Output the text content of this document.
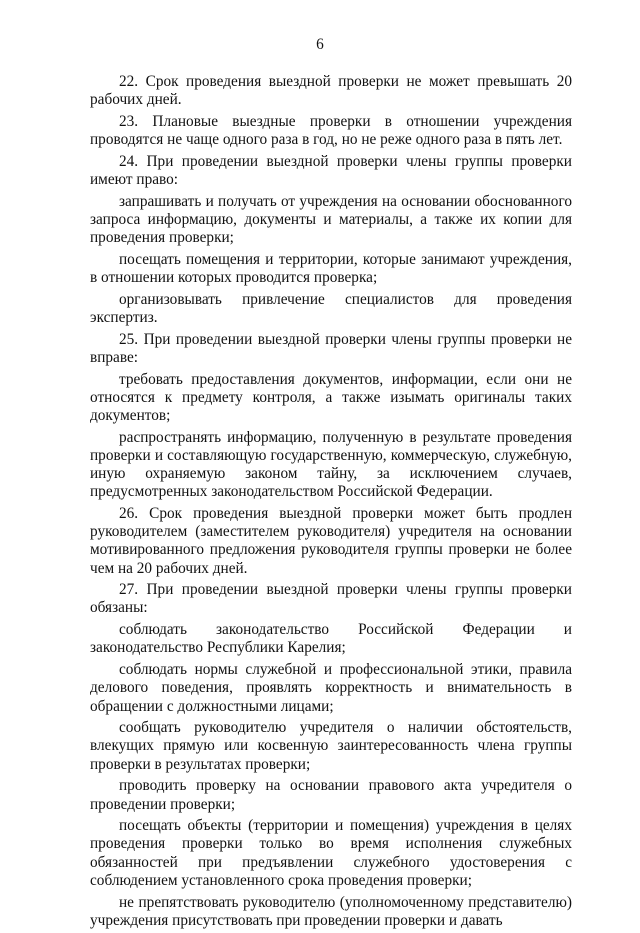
6

22. Срок проведения выездной проверки не может превышать 20 рабочих дней.

23. Плановые выездные проверки в отношении учреждения проводятся не чаще одного раза в год, но не реже одного раза в пять лет.

24. При проведении выездной проверки члены группы проверки имеют право:

запрашивать и получать от учреждения на основании обоснованного запроса информацию, документы и материалы, а также их копии для проведения проверки;

посещать помещения и территории, которые занимают учреждения, в отношении которых проводится проверка;

организовывать привлечение специалистов для проведения экспертиз.

25. При проведении выездной проверки члены группы проверки не вправе:

требовать предоставления документов, информации, если они не относятся к предмету контроля, а также изымать оригиналы таких документов;

распространять информацию, полученную в результате проведения проверки и составляющую государственную, коммерческую, служебную, иную охраняемую законом тайну, за исключением случаев, предусмотренных законодательством Российской Федерации.

26. Срок проведения выездной проверки может быть продлен руководителем (заместителем руководителя) учредителя на основании мотивированного предложения руководителя группы проверки не более чем на 20 рабочих дней.

27. При проведении выездной проверки члены группы проверки обязаны:

соблюдать законодательство Российской Федерации и законодательство Республики Карелия;

соблюдать нормы служебной и профессиональной этики, правила делового поведения, проявлять корректность и внимательность в обращении с должностными лицами;

сообщать руководителю учредителя о наличии обстоятельств, влекущих прямую или косвенную заинтересованность члена группы проверки в результатах проверки;

проводить проверку на основании правового акта учредителя о проведении проверки;

посещать объекты (территории и помещения) учреждения в целях проведения проверки только во время исполнения служебных обязанностей при предъявлении служебного удостоверения с соблюдением установленного срока проведения проверки;

не препятствовать руководителю (уполномоченному представителю) учреждения присутствовать при проведении проверки и давать
